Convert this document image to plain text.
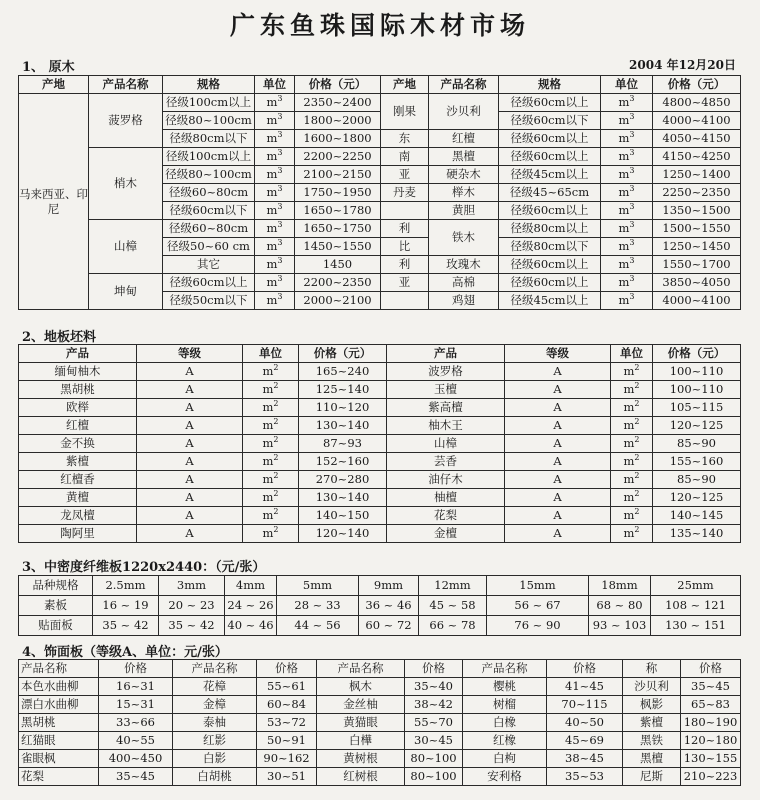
广东鱼珠国际木材市场
1、 原木	2004 年12月20日
产地	产品名称	规格	单位	价格（元）	产地	产品名称	规格	单位	价格（元）
马来西亚、印尼	菠罗格	径级100cm以上	$m^3$	2350~2400	刚果	沙贝利	径级60cm以上	$m^3$	4800~4850
		径级80~100cm	$m^3$	1800~2000			径级60cm以下	$m^3$	4000~4100
		径级80cm以下	$m^3$	1600~1800	东	红檀	径级60cm以上	$m^3$	4050~4150
	梢木	径级100cm以上	$m^3$	2200~2250	南	黑檀	径级60cm以上	$m^3$	4150~4250
		径级80~100cm	$m^3$	2100~2150	亚	硬杂木	径级45cm以上	$m^3$	1250~1400
		径级60~80cm	$m^3$	1750~1950	丹麦	榉木	径级45~65cm	$m^3$	2250~2350
		径级60cm以下	$m^3$	1650~1780		黄胆	径级60cm以上	$m^3$	1350~1500
	山樟	径级60~80cm	$m^3$	1650~1750	利	铁木	径级80cm以上	$m^3$	1500~1550
		径级50~60 cm	$m^3$	1450~1550	比		径级80cm以下	$m^3$	1250~1450
		其它	$m^3$	1450	利	玫瑰木	径级60cm以上	$m^3$	1550~1700
	坤甸	径级60cm以上	$m^3$	2200~2350	亚	高棉	径级60cm以上	$m^3$	3850~4050
		径级50cm以下	$m^3$	2000~2100		鸡翅	径级45cm以上	$m^3$	4000~4100
2、地板坯料
产品	等级	单位	价格（元）	产品	等级	单位	价格（元）
缅甸柚木	A	$m^2$	165~240	波罗格	A	$m^2$	100~110
黑胡桃	A	$m^2$	125~140	玉檀	A	$m^2$	100~110
欧榉	A	$m^2$	110~120	紫高檀	A	$m^2$	105~115
红檀	A	$m^2$	130~140	柚木王	A	$m^2$	120~125
金不换	A	$m^2$	87~93	山樟	A	$m^2$	85~90
紫檀	A	$m^2$	152~160	芸香	A	$m^2$	155~160
红檀香	A	$m^2$	270~280	油仔木	A	$m^2$	85~90
黄檀	A	$m^2$	130~140	柚檀	A	$m^2$	120~125
龙凤檀	A	$m^2$	140~150	花梨	A	$m^2$	140~145
陶阿里	A	$m^2$	120~140	金檀	A	$m^2$	135~140
3、中密度纤维板1220x2440：（元/张）
品种规格	2.5mm	3mm	4mm	5mm	9mm	12mm	15mm	18mm	25mm
素板	16 ~ 19	20 ~ 23	24 ~ 26	28 ~ 33	36 ~ 46	45 ~ 58	56 ~ 67	68 ~ 80	108 ~ 121
贴面板	35 ~ 42	35 ~ 42	40 ~ 46	44 ~ 56	60 ~ 72	66 ~ 78	76 ~ 90	93 ~ 103	130 ~ 151
4、饰面板（等级A、单位：元/张）
产品名称	价格	产品名称	价格	产品名称	价格	产品名称	价格	称	价格
本色水曲柳	16~31	花樟	55~61	枫木	35~40	樱桃	41~45	沙贝利	35~45
漂白水曲柳	15~31	金樟	60~84	金丝柚	38~42	树榴	70~115	枫影	65~83
黑胡桃	33~66	泰柚	53~72	黄猫眼	55~70	白橡	40~50	紫檀	180~190
红猫眼	40~55	红影	50~91	白樺	30~45	红橡	45~69	黑铁	120~180
雀眼枫	400~450	白影	90~162	黄树根	80~100	白枸	38~45	黑檀	130~155
花梨	35~45	白胡桃	30~51	红树根	80~100	安利格	35~53	尼斯	210~223
